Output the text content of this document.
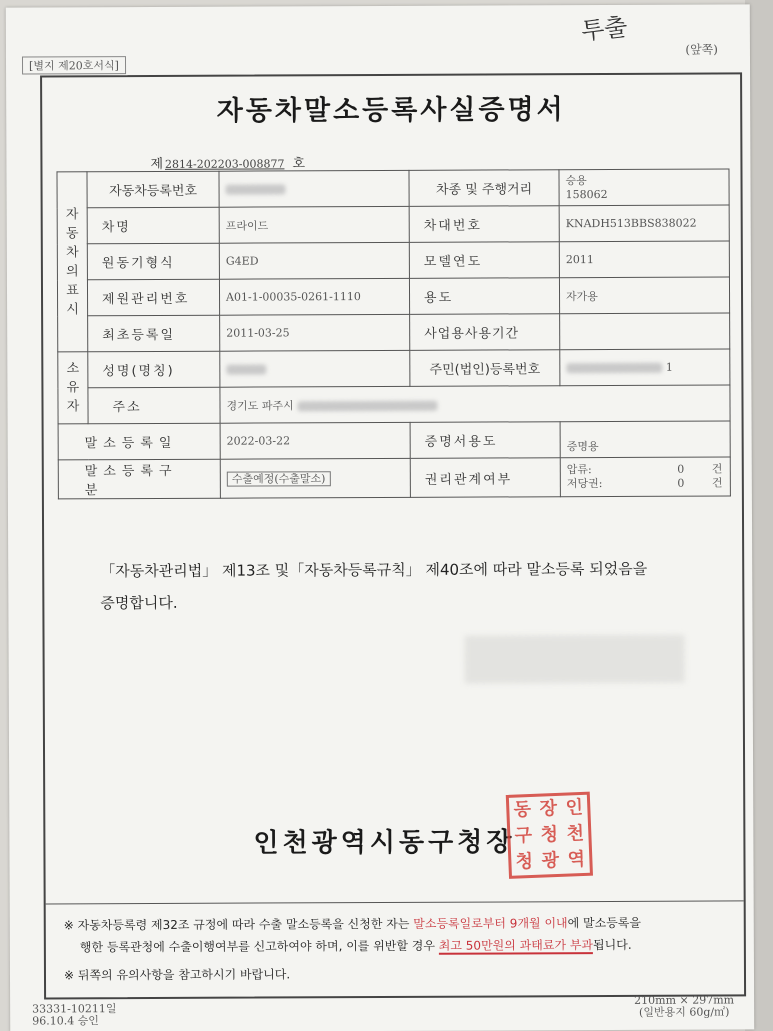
투출
[별지 제20호서식]
(앞쪽)
자동차말소등록사실증명서
제 2814-202203-008877 호
자동차의 표시	자동차등록번호		차종 및 주행거리	승용
158062

	차명	프라이드	차대번호	KNADH513BBS838022
	원동기형식	G4ED	모델연도	2011
	제원관리번호	A01-1-00035-0261-1110	용도	자가용
	최초등록일	2011-03-25	사업용사용기간	
소유자	성명(명칭)		주민(법인)등록번호	1
	주소	경기도 파주시		
말소등록일		2022-03-22	증명서용도	증명용
말소등록구분		수출예정(수출말소)	권리관계여부	압류: 0 건
저당권: 0 건
「자동차관리법」 제13조 및「자동차등록규칙」 제40조에 따라 말소등록 되었음을
증명합니다.
인천광역시동구청장
동 장 인
구 청 천
청 광 역
※ 자동차등록령 제32조 규정에 따라 수출 말소등록을 신청한 자는 말소등록일로부터 9개월 이내에 말소등록을
행한 등록관청에 수출이행여부를 신고하여야 하며, 이를 위반할 경우 최고 50만원의 과태료가 부과됩니다.
※ 뒤쪽의 유의사항을 참고하시기 바랍니다.
33331-10211일
96.10.4 승인
210mm × 297mm
(일반용지 60g/㎡)
